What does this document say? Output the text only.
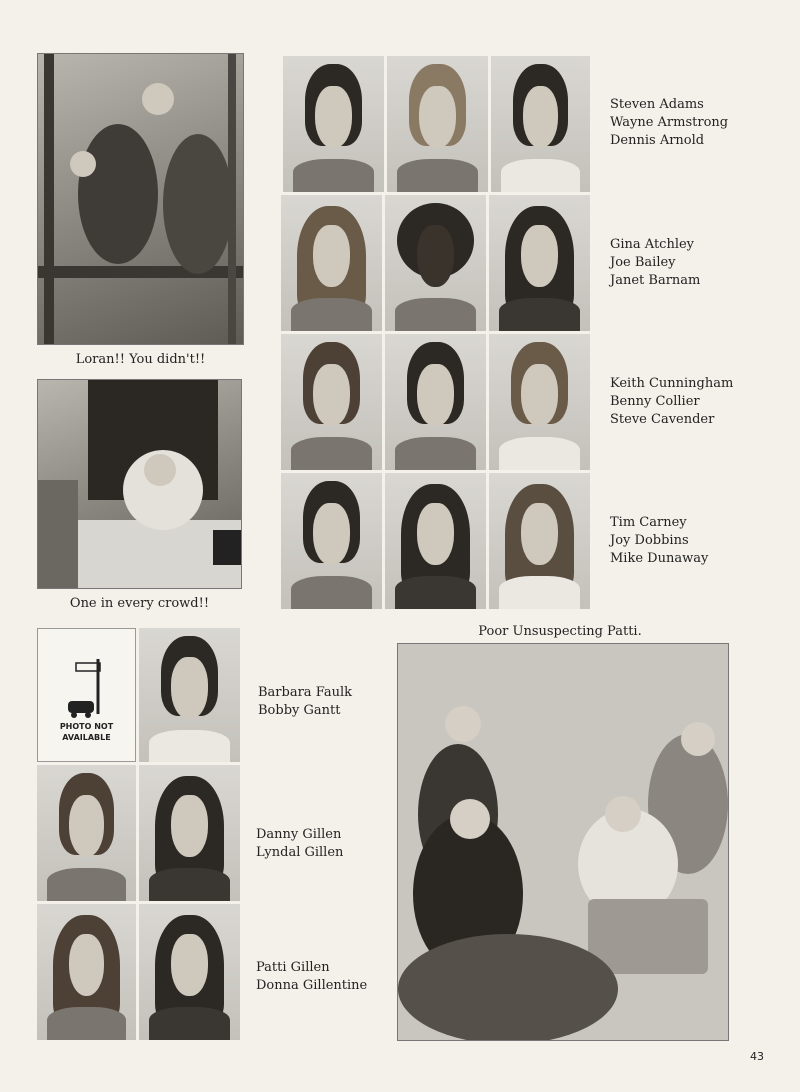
Loran!! You didn't!!
One in every crowd!!
Steven Adams
Wayne Armstrong
Dennis Arnold
Gina Atchley
Joe Bailey
Janet Barnam
Keith Cunningham
Benny Collier
Steve Cavender
Tim Carney
Joy Dobbins
Mike Dunaway
PHOTO NOT
AVAILABLE
Barbara Faulk
Bobby Gantt
Danny Gillen
Lyndal Gillen
Patti Gillen
Donna Gillentine
Poor Unsuspecting Patti.
43
